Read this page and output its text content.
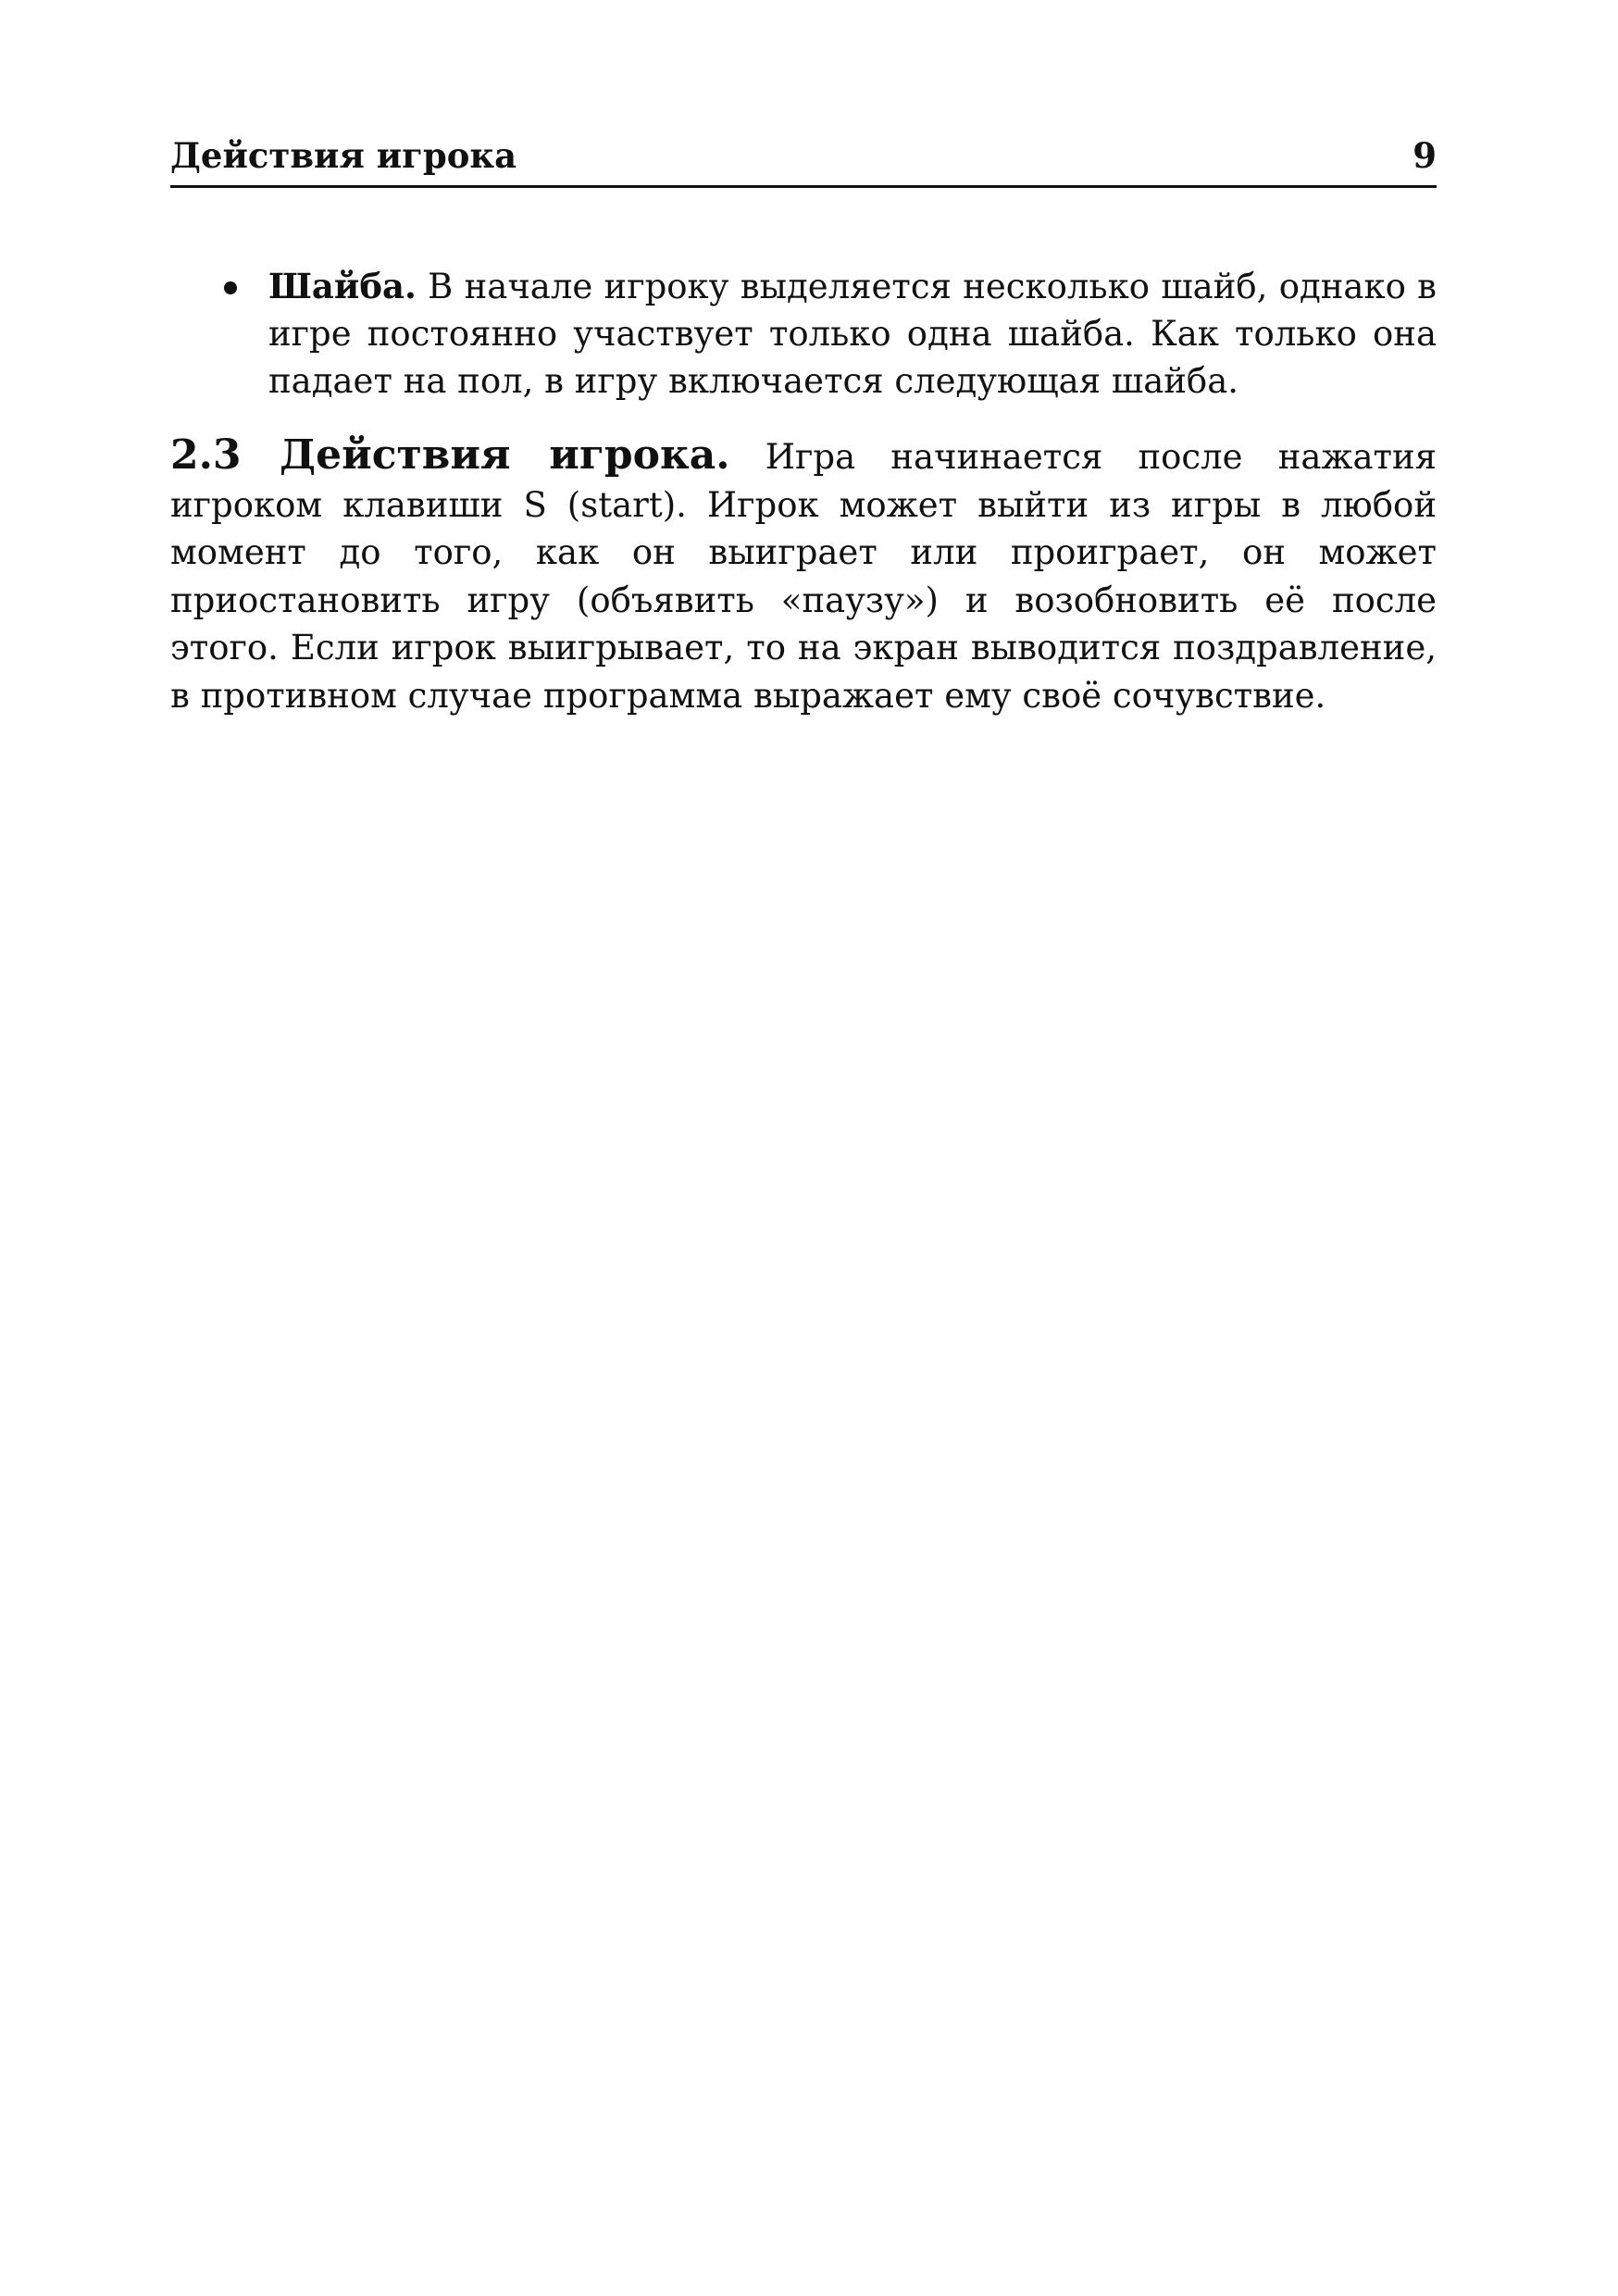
Действия игрока	9
Шайба. В начале игроку выделяется несколько шайб, однако в игре постоянно участвует только одна шайба. Как только она падает на пол, в игру включается следующая шайба.
2.3 Действия игрока. Игра начинается после нажатия игроком клавиши S (start). Игрок может выйти из игры в любой момент до того, как он выиграет или проиграет, он может приостановить игру (объявить «паузу») и возобновить её после этого. Если игрок выигрывает, то на экран выводится поздравление, в противном случае программа выражает ему своё сочувствие.
